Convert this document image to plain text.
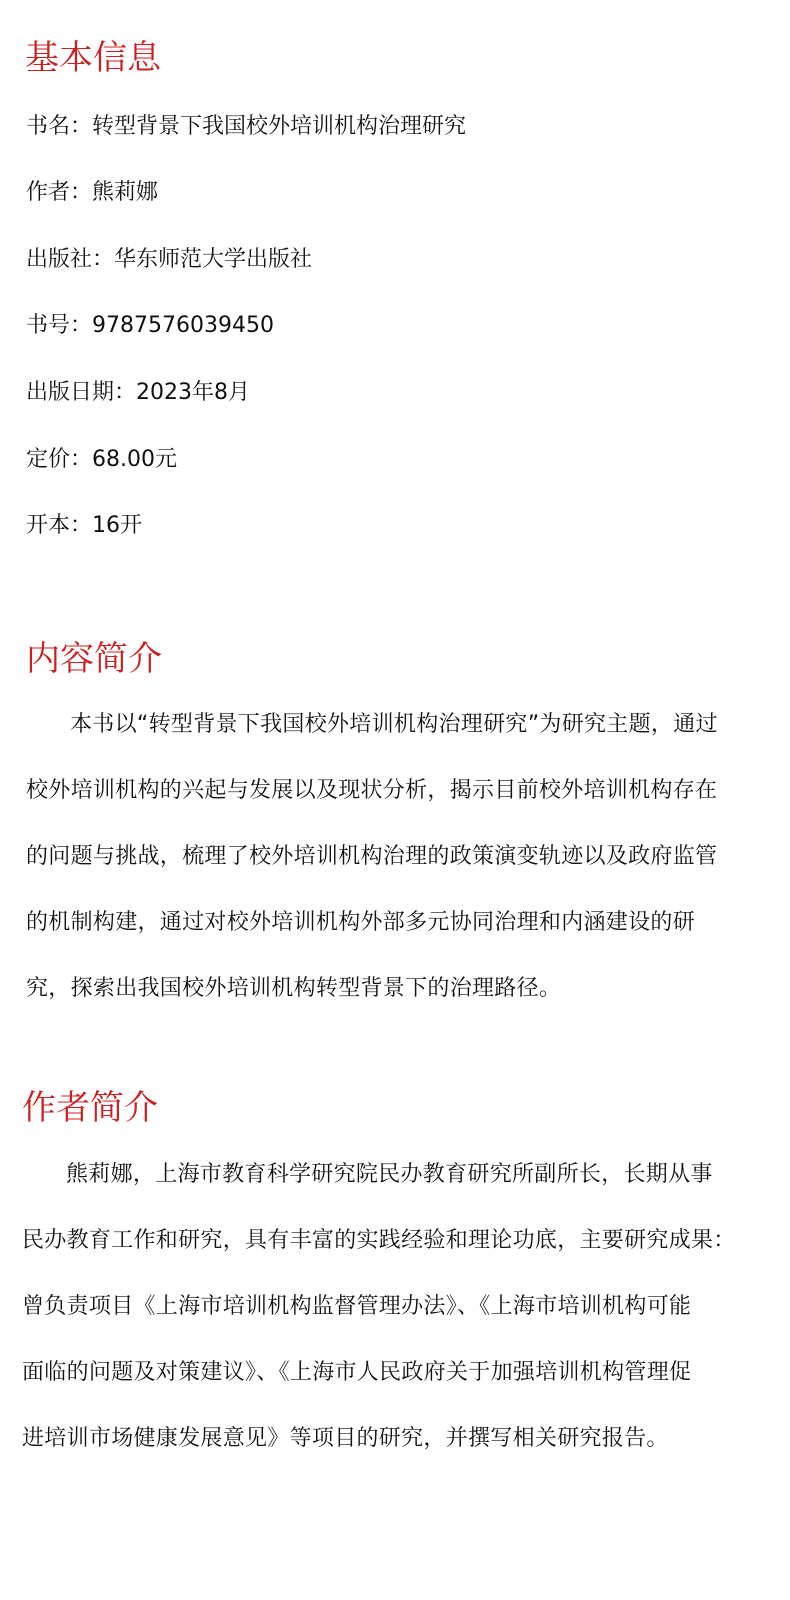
基本信息
书名：转型背景下我国校外培训机构治理研究
作者：熊莉娜
出版社：华东师范大学出版社
书号：9787576039450
出版日期：2023年8月
定价：68.00元
开本：16开
内容简介
本书以“转型背景下我国校外培训机构治理研究”为研究主题，通过
校外培训机构的兴起与发展以及现状分析，揭示目前校外培训机构存在
的问题与挑战，梳理了校外培训机构治理的政策演变轨迹以及政府监管
的机制构建，通过对校外培训机构外部多元协同治理和内涵建设的研
究，探索出我国校外培训机构转型背景下的治理路径。
作者简介
熊莉娜，上海市教育科学研究院民办教育研究所副所长，长期从事
民办教育工作和研究，具有丰富的实践经验和理论功底，主要研究成果：
曾负责项目《上海市培训机构监督管理办法》、《上海市培训机构可能
面临的问题及对策建议》、《上海市人民政府关于加强培训机构管理促
进培训市场健康发展意见》等项目的研究，并撰写相关研究报告。
